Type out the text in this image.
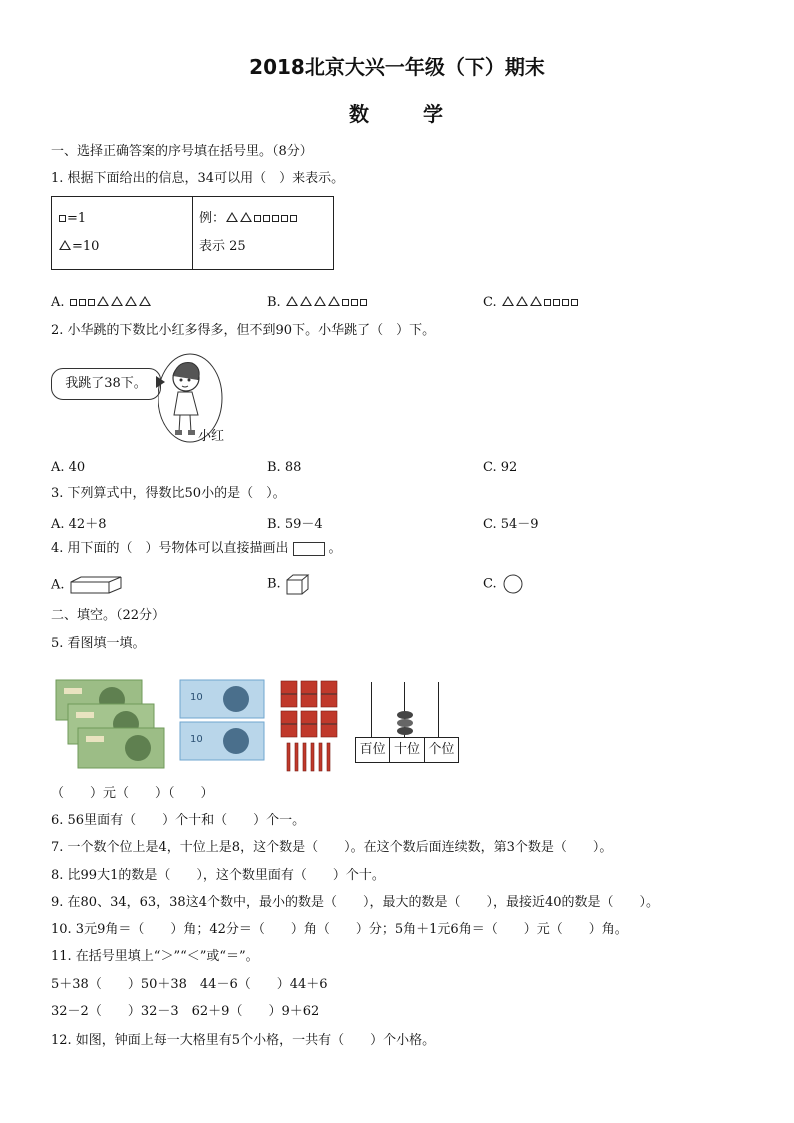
2018北京大兴一年级（下）期末
数	学
一、选择正确答案的序号填在括号里。（8分）
1. 根据下面给出的信息，34可以用（　）来表示。
=1
=10

例：
表示 25
A.	B.	C.
2. 小华跳的下数比小红多得多，但不到90下。小华跳了（　）下。
我跳了38下。
小红
A. 40	B. 88	C. 92
3. 下列算式中，得数比50小的是（　）。
A. 42＋8	B. 59－4	C. 54－9
4. 用下面的（　）号物体可以直接描画出	。
A.	B.	C.
二、填空。（22分）
5. 看图填一填。
10
10
百位 十位 个位
（　　）元（　　）（　　）
6. 56里面有（　　）个十和（　　）个一。
7. 一个数个位上是4，十位上是8，这个数是（　　）。在这个数后面连续数，第3个数是（　　）。
8. 比99大1的数是（　　），这个数里面有（　　）个十。
9. 在80、34，63，38这4个数中，最小的数是（　　），最大的数是（　　），最接近40的数是（　　）。
10. 3元9角＝（　　）角；42分＝（　　）角（　　）分；5角＋1元6角＝（　　）元（　　）角。
11. 在括号里填上“＞”“＜”或“＝”。
5＋38（　　）50＋38　44－6（　　）44＋6
32－2（　　）32－3　62＋9（　　）9＋62
12. 如图，钟面上每一大格里有5个小格，一共有（　　）个小格。
